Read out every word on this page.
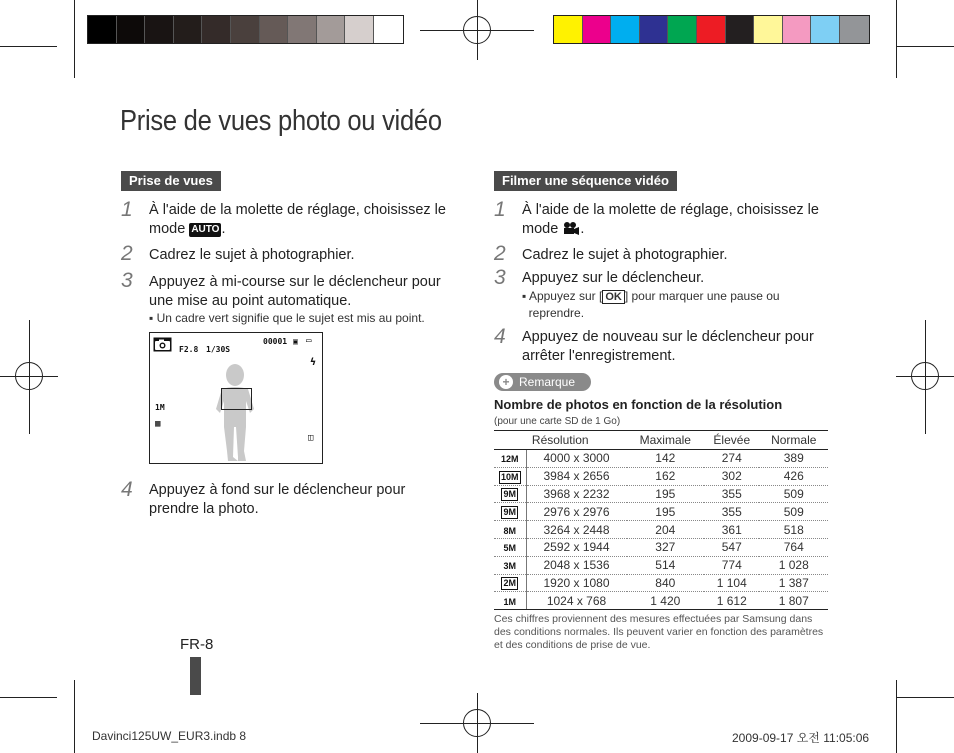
Prise de vues photo ou vidéo
Prise de vues
1 À l'aide de la molette de réglage, choisissez le
mode AUTO .
2 Cadrez le sujet à photographier.
3 Appuyez à mi-course sur le déclencheur pour
une mise au point automatique.
▪ Un cadre vert signifie que le sujet est mis au point.
F2.8 1/30S
00001 ▣ ▭
ϟ
1M
▦
◫
4 Appuyez à fond sur le déclencheur pour
prendre la photo.
Filmer une séquence vidéo
1 À l'aide de la molette de réglage, choisissez le
mode .
2 Cadrez le sujet à photographier.
3 Appuyez sur le déclencheur.
▪ Appuyez sur [ OK ] pour marquer une pause ou
reprendre.
4 Appuyez de nouveau sur le déclencheur pour
arrêter l'enregistrement.
Remarque
+
Nombre de photos en fonction de la résolution
(pour une carte SD de 1 Go)
Résolution		Maximale	Élevée	Normale
12M	4000 x 3000	142	274	389
10M	3984 x 2656	162	302	426
9M	3968 x 2232	195	355	509
9M	2976 x 2976	195	355	509
8M	3264 x 2448	204	361	518
5M	2592 x 1944	327	547	764
3M	2048 x 1536	514	774	1 028
2M	1920 x 1080	840	1 104	1 387
1M	1024 x 768	1 420	1 612	1 807
Ces chiffres proviennent des mesures effectuées par Samsung dans des conditions normales. Ils peuvent varier en fonction des paramètres et des conditions de prise de vue.
FR-8
Davinci125UW_EUR3.indb 8	2009-09-17 오전 11:05:06
